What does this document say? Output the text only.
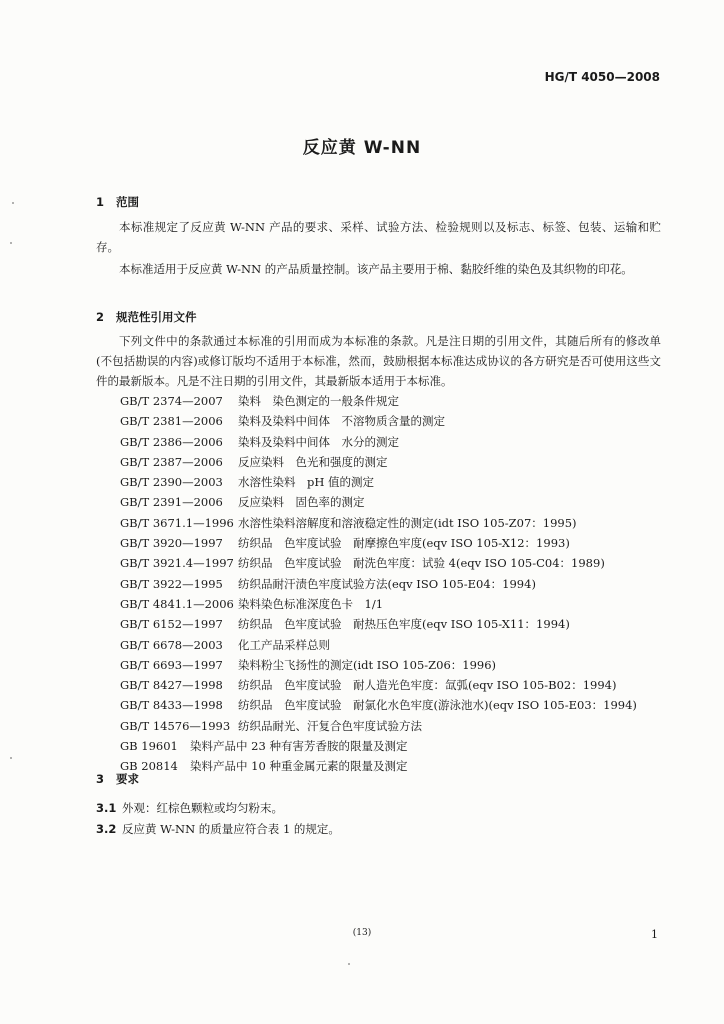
HG/T 4050—2008
反应黄 W-NN
1 范围

本标准规定了反应黄 W-NN 产品的要求、采样、试验方法、检验规则以及标志、标签、包装、运输和贮存。

本标准适用于反应黄 W-NN 的产品质量控制。该产品主要用于棉、黏胶纤维的染色及其织物的印花。

2 规范性引用文件

下列文件中的条款通过本标准的引用而成为本标准的条款。凡是注日期的引用文件，其随后所有的修改单(不包括勘误的内容)或修订版均不适用于本标准，然而，鼓励根据本标准达成协议的各方研究是否可使用这些文件的最新版本。凡是不注日期的引用文件，其最新版本适用于本标准。

GB/T 2374—2007 染料　染色测定的一般条件规定
GB/T 2381—2006 染料及染料中间体　不溶物质含量的测定
GB/T 2386—2006 染料及染料中间体　水分的测定
GB/T 2387—2006 反应染料　色光和强度的测定
GB/T 2390—2003 水溶性染料　pH 值的测定
GB/T 2391—2006 反应染料　固色率的测定
GB/T 3671.1—1996 水溶性染料溶解度和溶液稳定性的测定(idt ISO 105-Z07：1995)
GB/T 3920—1997 纺织品　色牢度试验　耐摩擦色牢度(eqv ISO 105-X12：1993)
GB/T 3921.4—1997 纺织品　色牢度试验　耐洗色牢度：试验 4(eqv ISO 105-C04：1989)
GB/T 3922—1995 纺织品耐汗渍色牢度试验方法(eqv ISO 105-E04：1994)
GB/T 4841.1—2006 染料染色标准深度色卡　1/1
GB/T 6152—1997 纺织品　色牢度试验　耐热压色牢度(eqv ISO 105-X11：1994)
GB/T 6678—2003 化工产品采样总则
GB/T 6693—1997 染料粉尘飞扬性的测定(idt ISO 105-Z06：1996)
GB/T 8427—1998 纺织品　色牢度试验　耐人造光色牢度：氙弧(eqv ISO 105-B02：1994)
GB/T 8433—1998 纺织品　色牢度试验　耐氯化水色牢度(游泳池水)(eqv ISO 105-E03：1994)
GB/T 14576—1993 纺织品耐光、汗复合色牢度试验方法
GB 19601 染料产品中 23 种有害芳香胺的限量及测定
GB 20814 染料产品中 10 种重金属元素的限量及测定
3 要求
3.1 外观：红棕色颗粒或均匀粉末。
3.2 反应黄 W-NN 的质量应符合表 1 的规定。
(13)	1
